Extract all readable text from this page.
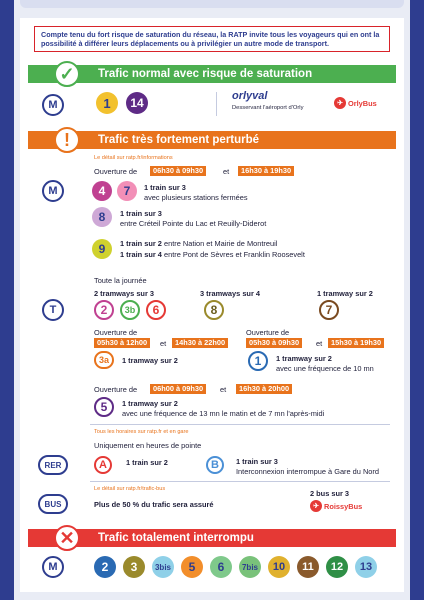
Compte tenu du fort risque de saturation du réseau, la RATP invite tous les voyageurs qui en ont la possibilité à différer leurs déplacements ou à privilégier un autre mode de transport.
Trafic normal avec risque de saturation
✓
M	1	14	orlyval
Desservant l'aéroport d'Orly
✈ OrlyBus
Trafic très fortement perturbé
!
Le détail sur ratp.fr/informations
Ouverture de	06h30 à 09h30	et	16h30 à 19h30
M	4	7	1 train sur 3
avec plusieurs stations fermées
8	1 train sur 3
entre Créteil Pointe du Lac et Reuilly-Diderot
9	1 train sur 2 entre Nation et Mairie de Montreuil
1 train sur 4 entre Pont de Sèvres et Franklin Roosevelt
Toute la journée
2 tramways sur 3	3 tramways sur 4	1 tramway sur 2
T	2	3b	6	8	7
Ouverture de
05h30 à 12h00	et	14h30 à 22h00
3a	1 tramway sur 2
Ouverture de
05h30 à 09h30	et	15h30 à 19h30
1	1 tramway sur 2
avec une fréquence de 10 mn
Ouverture de	06h00 à 09h30	et	16h30 à 20h00
5	1 tramway sur 2
avec une fréquence de 13 mn le matin et de 7 mn l'après-midi
Tous les horaires sur ratp.fr et en gare
Uniquement en heures de pointe
RER	A	1 train sur 2	B	1 train sur 3
Interconnexion interrompue à Gare du Nord
Le détail sur ratp.fr/trafic-bus
BUS	Plus de 50 % du trafic sera assuré
2 bus sur 3
✈ RoissyBus
Trafic totalement interrompu
✕
M	2	3	3bis	5	6	7bis	10	11	12	13
